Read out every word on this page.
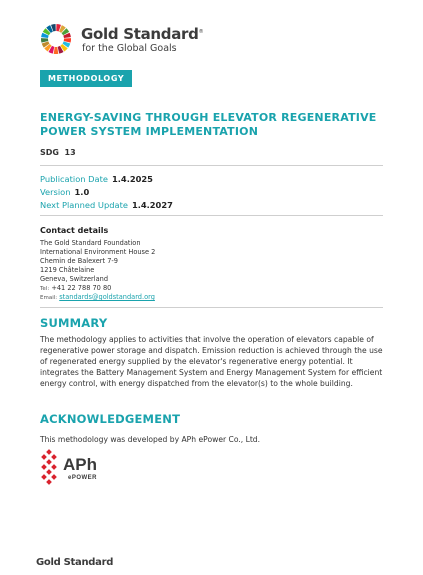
Gold Standard®
for the Global Goals
METHODOLOGY
ENERGY-SAVING THROUGH ELEVATOR REGENERATIVE POWER SYSTEM IMPLEMENTATION
SDG  13
Publication Date 1.4.2025
Version 1.0
Next Planned Update 1.4.2027
Contact details
The Gold Standard Foundation
International Environment House 2
Chemin de Balexert 7-9
1219 Châtelaine
Geneva, Switzerland
Tel: +41 22 788 70 80
Email: standards@goldstandard.org
SUMMARY
The methodology applies to activities that involve the operation of elevators capable of regenerative power storage and dispatch. Emission reduction is achieved through the use of regenerated energy supplied by the elevator's regenerative energy potential. It integrates the Battery Management System and Energy Management System for efficient energy control, with energy dispatched from the elevator(s) to the whole building.
ACKNOWLEDGEMENT
This methodology was developed by APh ePower Co., Ltd.
APh
ePOWER
Gold Standard
